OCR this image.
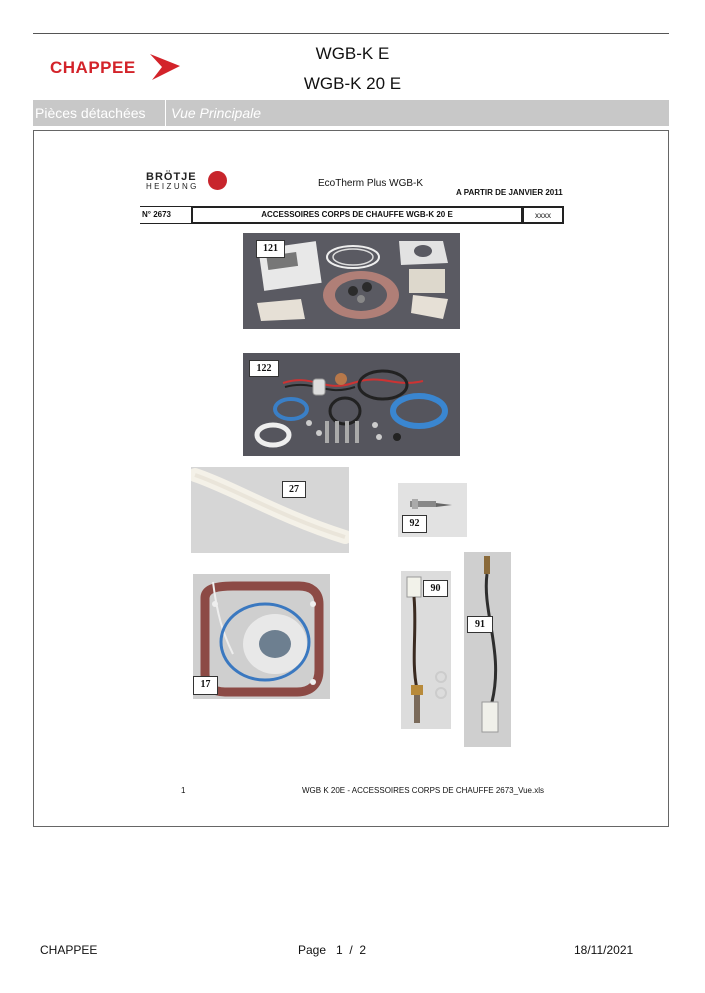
CHAPPEE
WGB-K E
WGB-K 20 E
Pièces détachées	Vue Principale
BRÖTJE
HEIZUNG	EcoTherm Plus WGB-K
A PARTIR DE JANVIER 2011
N° 2673	ACCESSOIRES CORPS DE CHAUFFE WGB-K 20 E	xxxx
121
122
27
92
17
90
91
1	WGB K 20E - ACCESSOIRES CORPS DE CHAUFFE 2673_Vue.xls
CHAPPEE	Page   1  /  2	18/11/2021
